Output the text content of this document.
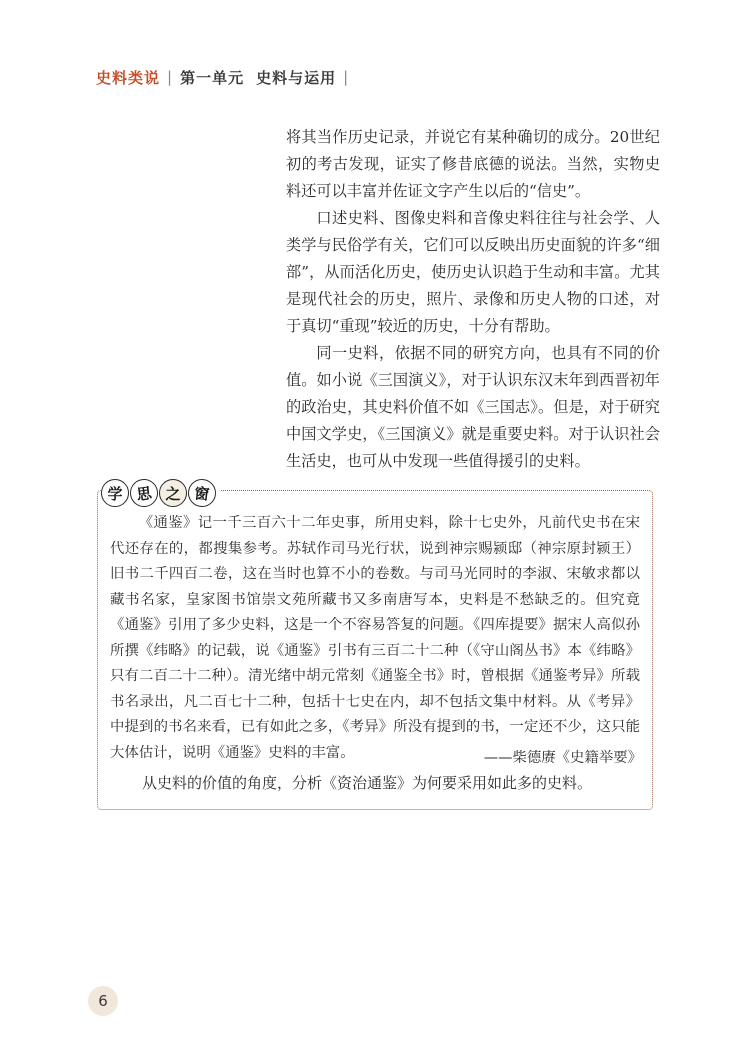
史料类说 | 第一单元 史料与运用 |

将其当作历史记录，并说它有某种确切的成分。20世纪初的考古发现，证实了修昔底德的说法。当然，实物史料还可以丰富并佐证文字产生以后的“信史”。

口述史料、图像史料和音像史料往往与社会学、人类学与民俗学有关，它们可以反映出历史面貌的许多“细部”，从而活化历史，使历史认识趋于生动和丰富。尤其是现代社会的历史，照片、录像和历史人物的口述，对于真切“重现”较近的历史，十分有帮助。

同一史料，依据不同的研究方向，也具有不同的价值。如小说《三国演义》，对于认识东汉末年到西晋初年的政治史，其史料价值不如《三国志》。但是，对于研究中国文学史，《三国演义》就是重要史料。对于认识社会生活史，也可从中发现一些值得援引的史料。

学 思 之 窗

《通鉴》记一千三百六十二年史事，所用史料，除十七史外，凡前代史书在宋代还存在的，都搜集参考。苏轼作司马光行状，说到神宗赐颍邸（神宗原封颍王）旧书二千四百二卷，这在当时也算不小的卷数。与司马光同时的李淑、宋敏求都以藏书名家，皇家图书馆崇文苑所藏书又多南唐写本，史料是不愁缺乏的。但究竟《通鉴》引用了多少史料，这是一个不容易答复的问题。《四库提要》据宋人高似孙所撰《纬略》的记载，说《通鉴》引书有三百二十二种（《守山阁丛书》本《纬略》只有二百二十二种）。清光绪中胡元常刻《通鉴全书》时，曾根据《通鉴考异》所载书名录出，凡二百七十二种，包括十七史在内，却不包括文集中材料。从《考异》中提到的书名来看，已有如此之多，《考异》所没有提到的书，一定还不少，这只能大体估计，说明《通鉴》史料的丰富。	——柴德赓《史籍举要》
从史料的价值的角度，分析《资治通鉴》为何要采用如此多的史料。
6
